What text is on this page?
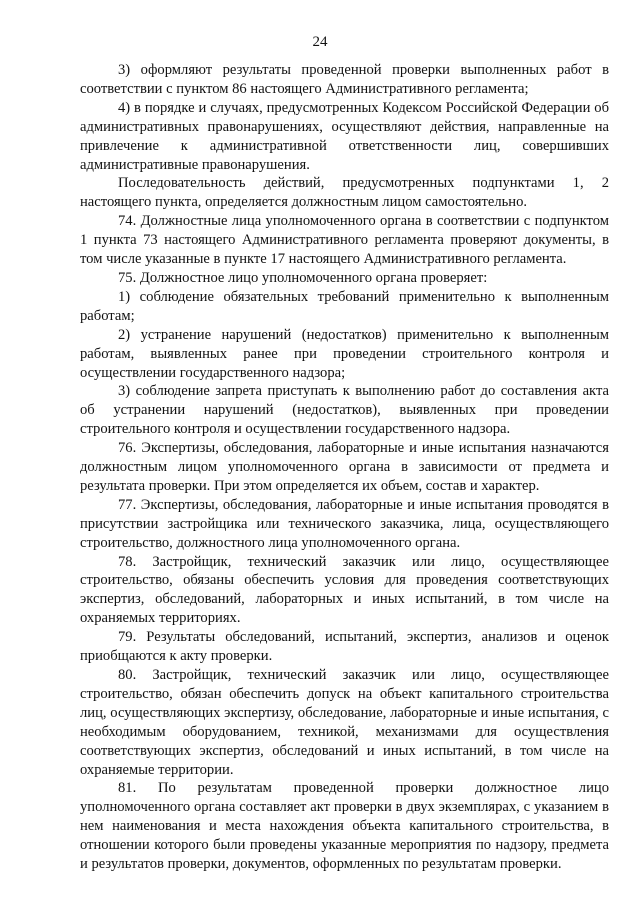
24

3) оформляют результаты проведенной проверки выполненных работ в соответствии с пунктом 86 настоящего Административного регламента;

4) в порядке и случаях, предусмотренных Кодексом Российской Федерации об административных правонарушениях, осуществляют действия, направленные на привлечение к административной ответственности лиц, совершивших административные правонарушения.

Последовательность действий, предусмотренных подпунктами 1, 2 настоящего пункта, определяется должностным лицом самостоятельно.

74. Должностные лица уполномоченного органа в соответствии с подпунктом 1 пункта 73 настоящего Административного регламента проверяют документы, в том числе указанные в пункте 17 настоящего Административного регламента.

75. Должностное лицо уполномоченного органа проверяет:

1) соблюдение обязательных требований применительно к выполненным работам;

2) устранение нарушений (недостатков) применительно к выполненным работам, выявленных ранее при проведении строительного контроля и осуществлении государственного надзора;

3) соблюдение запрета приступать к выполнению работ до составления акта об устранении нарушений (недостатков), выявленных при проведении строительного контроля и осуществлении государственного надзора.

76. Экспертизы, обследования, лабораторные и иные испытания назначаются должностным лицом уполномоченного органа в зависимости от предмета и результата проверки. При этом определяется их объем, состав и характер.

77. Экспертизы, обследования, лабораторные и иные испытания проводятся в присутствии застройщика или технического заказчика, лица, осуществляющего строительство, должностного лица уполномоченного органа.

78. Застройщик, технический заказчик или лицо, осуществляющее строительство, обязаны обеспечить условия для проведения соответствующих экспертиз, обследований, лабораторных и иных испытаний, в том числе на охраняемых территориях.

79. Результаты обследований, испытаний, экспертиз, анализов и оценок приобщаются к акту проверки.

80. Застройщик, технический заказчик или лицо, осуществляющее строительство, обязан обеспечить допуск на объект капитального строительства лиц, осуществляющих экспертизу, обследование, лабораторные и иные испытания, с необходимым оборудованием, техникой, механизмами для осуществления соответствующих экспертиз, обследований и иных испытаний, в том числе на охраняемые территории.

81. По результатам проведенной проверки должностное лицо уполномоченного органа составляет акт проверки в двух экземплярах, с указанием в нем наименования и места нахождения объекта капитального строительства, в отношении которого были проведены указанные мероприятия по надзору, предмета и результатов проверки, документов, оформленных по результатам проверки.
